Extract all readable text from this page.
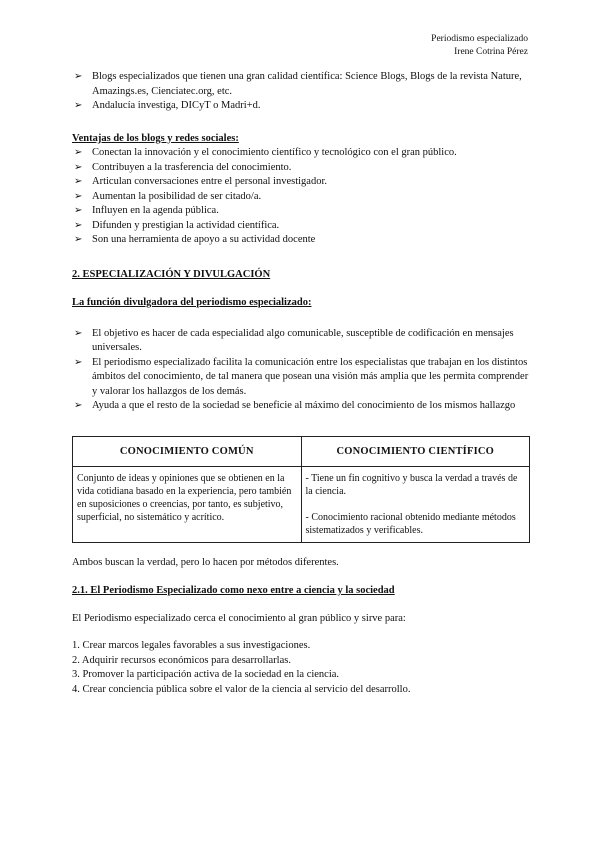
Periodismo especializado
Irene Cotrina Pérez
➢ Blogs especializados que tienen una gran calidad científica: Science Blogs, Blogs de la revista Nature, Amazings.es, Cienciatec.org, etc.
➢ Andalucía investiga, DICyT o Madri+d.
Ventajas de los blogs y redes sociales:
➢ Conectan la innovación y el conocimiento científico y tecnológico con el gran público.
➢ Contribuyen a la trasferencia del conocimiento.
➢ Articulan conversaciones entre el personal investigador.
➢ Aumentan la posibilidad de ser citado/a.
➢ Influyen en la agenda pública.
➢ Difunden y prestigian la actividad científica.
➢ Son una herramienta de apoyo a su actividad docente
2. ESPECIALIZACIÓN Y DIVULGACIÓN
La función divulgadora del periodismo especializado:
➢ El objetivo es hacer de cada especialidad algo comunicable, susceptible de codificación en mensajes universales.
➢ El periodismo especializado facilita la comunicación entre los especialistas que trabajan en los distintos ámbitos del conocimiento, de tal manera que posean una visión más amplia que les permita comprender y valorar los hallazgos de los demás.
➢ Ayuda a que el resto de la sociedad se beneficie al máximo del conocimiento de los mismos hallazgo
CONOCIMIENTO COMÚN	CONOCIMIENTO CIENTÍFICO
Conjunto de ideas y opiniones que se obtienen en la vida cotidiana basado en la experiencia, pero también en suposiciones o creencias, por tanto, es subjetivo, superficial, no sistemático y acrítico.	- Tiene un fin cognitivo y busca la verdad a través de la ciencia.
- Conocimiento racional obtenido mediante métodos sistematizados y verificables.

Ambos buscan la verdad, pero lo hacen por métodos diferentes.

2.1. El Periodismo Especializado como nexo entre a ciencia y la sociedad

El Periodismo especializado cerca el conocimiento al gran público y sirve para:

1. Crear marcos legales favorables a sus investigaciones.
2. Adquirir recursos económicos para desarrollarlas.
3. Promover la participación activa de la sociedad en la ciencia.
4. Crear conciencia pública sobre el valor de la ciencia al servicio del desarrollo.
